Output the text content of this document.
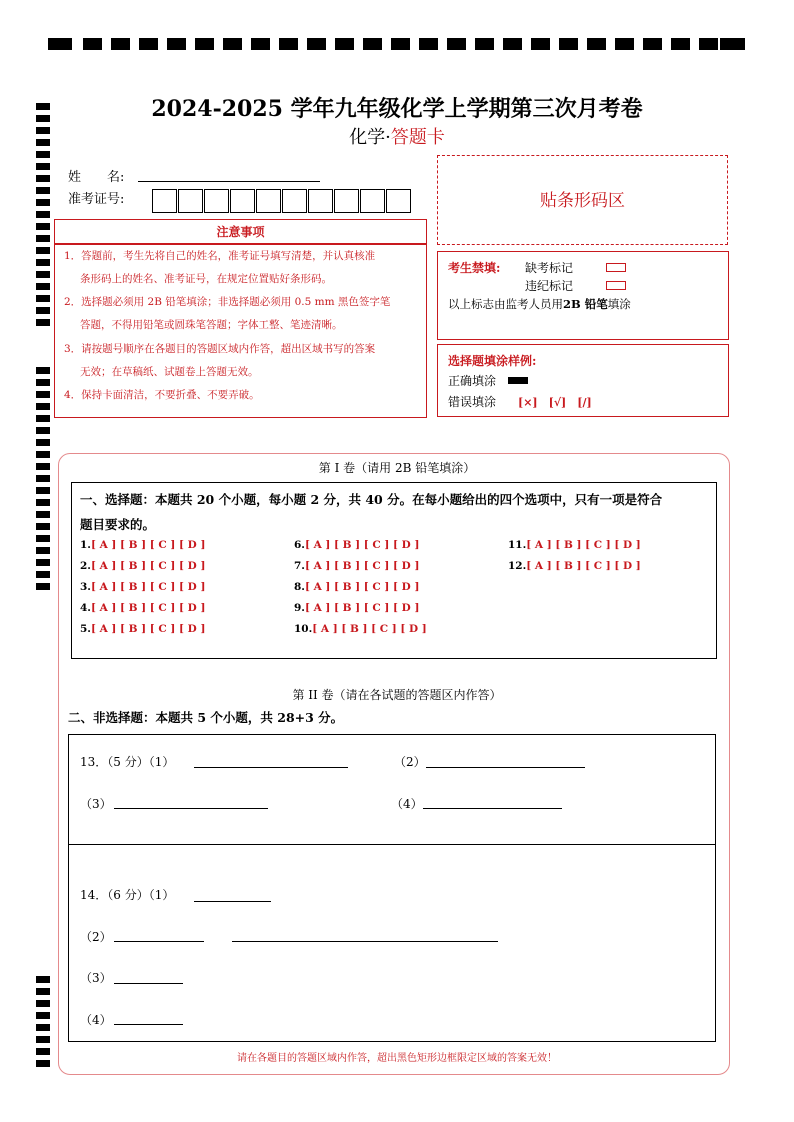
2024-2025 学年九年级化学上学期第三次月考卷
化学·答题卡
姓　　名:
准考证号:	贴条形码区
注意事项
1．答题前，考生先将自己的姓名，准考证号填写清楚，并认真核准
条形码上的姓名、准考证号，在规定位置贴好条形码。
2．选择题必须用 2B 铅笔填涂；非选择题必须用 0.5 mm 黑色签字笔
答题，不得用铅笔或圆珠笔答题；字体工整、笔迹清晰。
3．请按题号顺序在各题目的答题区域内作答，超出区域书写的答案
无效；在草稿纸、试题卷上答题无效。
4．保持卡面清洁，不要折叠、不要弄破。
考生禁填: 缺考标记
违纪标记
以上标志由监考人员用2B 铅笔填涂
选择题填涂样例:
正确填涂
错误填涂 [×]　[√]　[/]
第 I 卷（请用 2B 铅笔填涂）
一、选择题：本题共 20 个小题，每小题 2 分，共 40 分。在每小题给出的四个选项中，只有一项是符合
题目要求的。
1.[ A ] [ B ] [ C ] [ D ]
2.[ A ] [ B ] [ C ] [ D ]
3.[ A ] [ B ] [ C ] [ D ]
4.[ A ] [ B ] [ C ] [ D ]
5.[ A ] [ B ] [ C ] [ D ]
6.[ A ] [ B ] [ C ] [ D ]
7.[ A ] [ B ] [ C ] [ D ]
8.[ A ] [ B ] [ C ] [ D ]
9.[ A ] [ B ] [ C ] [ D ]
10.[ A ] [ B ] [ C ] [ D ]
11.[ A ] [ B ] [ C ] [ D ]
12.[ A ] [ B ] [ C ] [ D ]
第 II 卷（请在各试题的答题区内作答）
二、非选择题：本题共 5 个小题，共 28+3 分。
13．（5 分）（1）	（2）
（3）	（4）
14．（6 分）（1）
（2）
（3）
（4）
请在各题目的答题区域内作答，超出黑色矩形边框限定区域的答案无效！
